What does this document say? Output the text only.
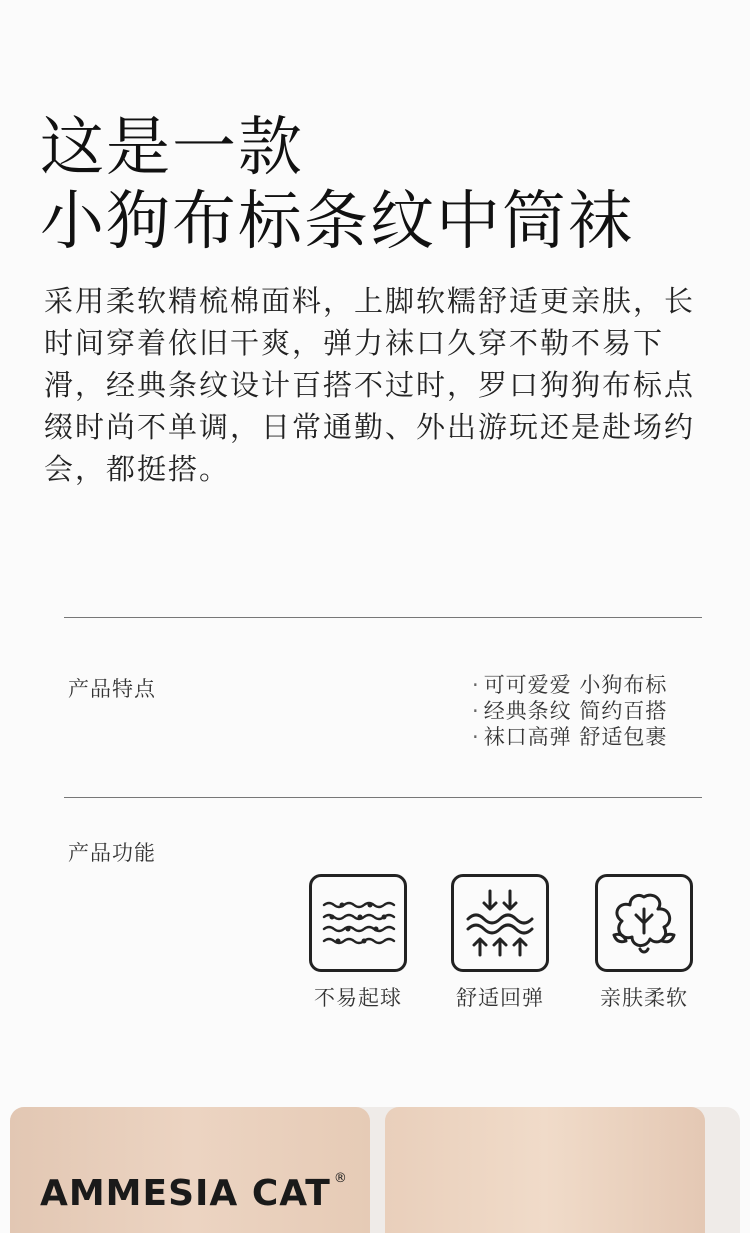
这是一款
小狗布标条纹中筒袜

采用柔软精梳棉面料，上脚软糯舒适更亲肤，长时间穿着依旧干爽，弹力袜口久穿不勒不易下滑，经典条纹设计百搭不过时，罗口狗狗布标点缀时尚不单调，日常通勤、外出游玩还是赴场约会，都挺搭。

产品特点
·	可可爱爱 小狗布标
· 经典条纹 简约百搭
· 袜口高弹 舒适包裹
产品功能
不易起球	舒适回弹	亲肤柔软
AMMESIA CAT ®
